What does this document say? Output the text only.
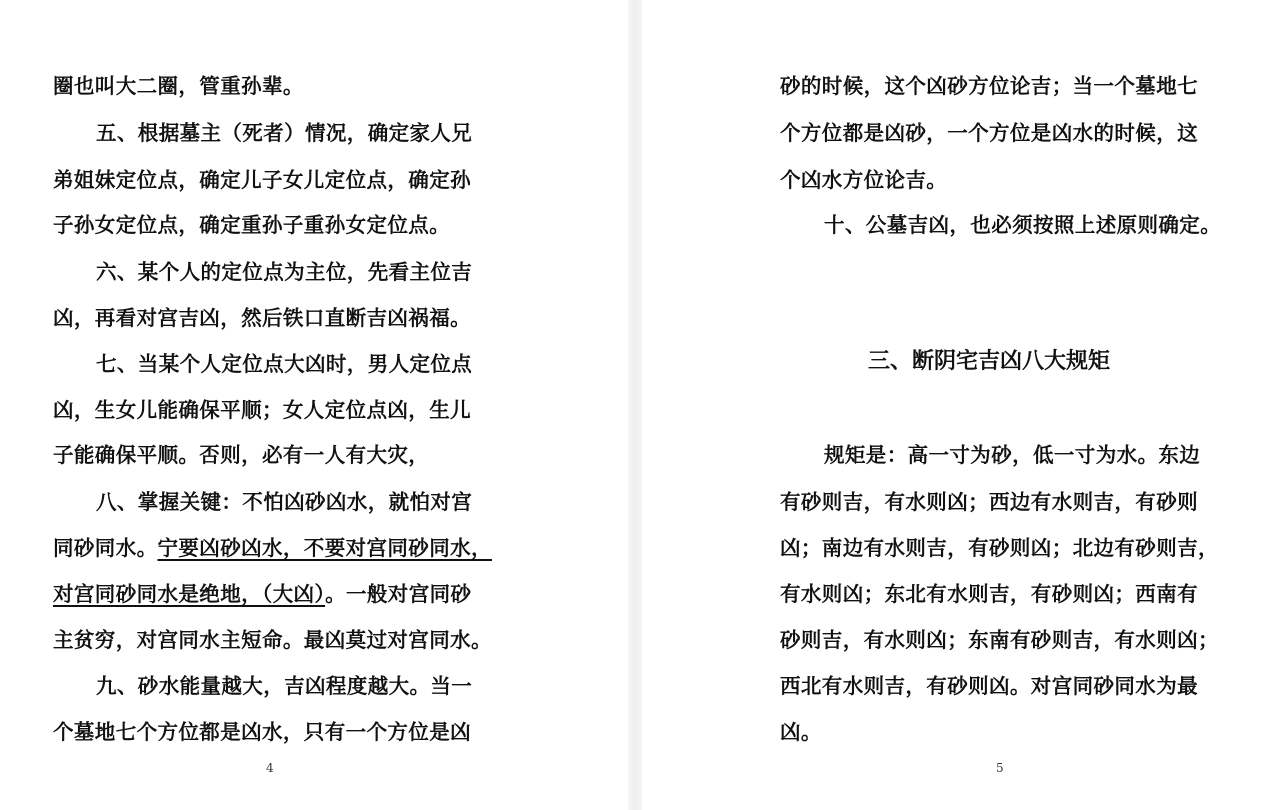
圈也叫大二圈，管重孙辈。

五、根据墓主（死者）情况，确定家人兄

弟姐妹定位点，确定儿子女儿定位点，确定孙

子孙女定位点，确定重孙子重孙女定位点。

六、某个人的定位点为主位，先看主位吉

凶，再看对宫吉凶，然后铁口直断吉凶祸福。

七、当某个人定位点大凶时，男人定位点

凶，生女儿能确保平顺；女人定位点凶，生儿

子能确保平顺。否则，必有一人有大灾，

八、掌握关键：不怕凶砂凶水，就怕对宫

同砂同水。宁要凶砂凶水，不要对宫同砂同水，

对宫同砂同水是绝地，（大凶）。一般对宫同砂

主贫穷，对宫同水主短命。最凶莫过对宫同水。

九、砂水能量越大，吉凶程度越大。当一

个墓地七个方位都是凶水，只有一个方位是凶

4

砂的时候，这个凶砂方位论吉；当一个墓地七

个方位都是凶砂，一个方位是凶水的时候，这

个凶水方位论吉。

十、公墓吉凶，也必须按照上述原则确定。

三、断阴宅吉凶八大规矩

规矩是：高一寸为砂，低一寸为水。东边

有砂则吉，有水则凶；西边有水则吉，有砂则

凶；南边有水则吉，有砂则凶；北边有砂则吉，

有水则凶；东北有水则吉，有砂则凶；西南有

砂则吉，有水则凶；东南有砂则吉，有水则凶；

西北有水则吉，有砂则凶。对宫同砂同水为最

凶。

5
